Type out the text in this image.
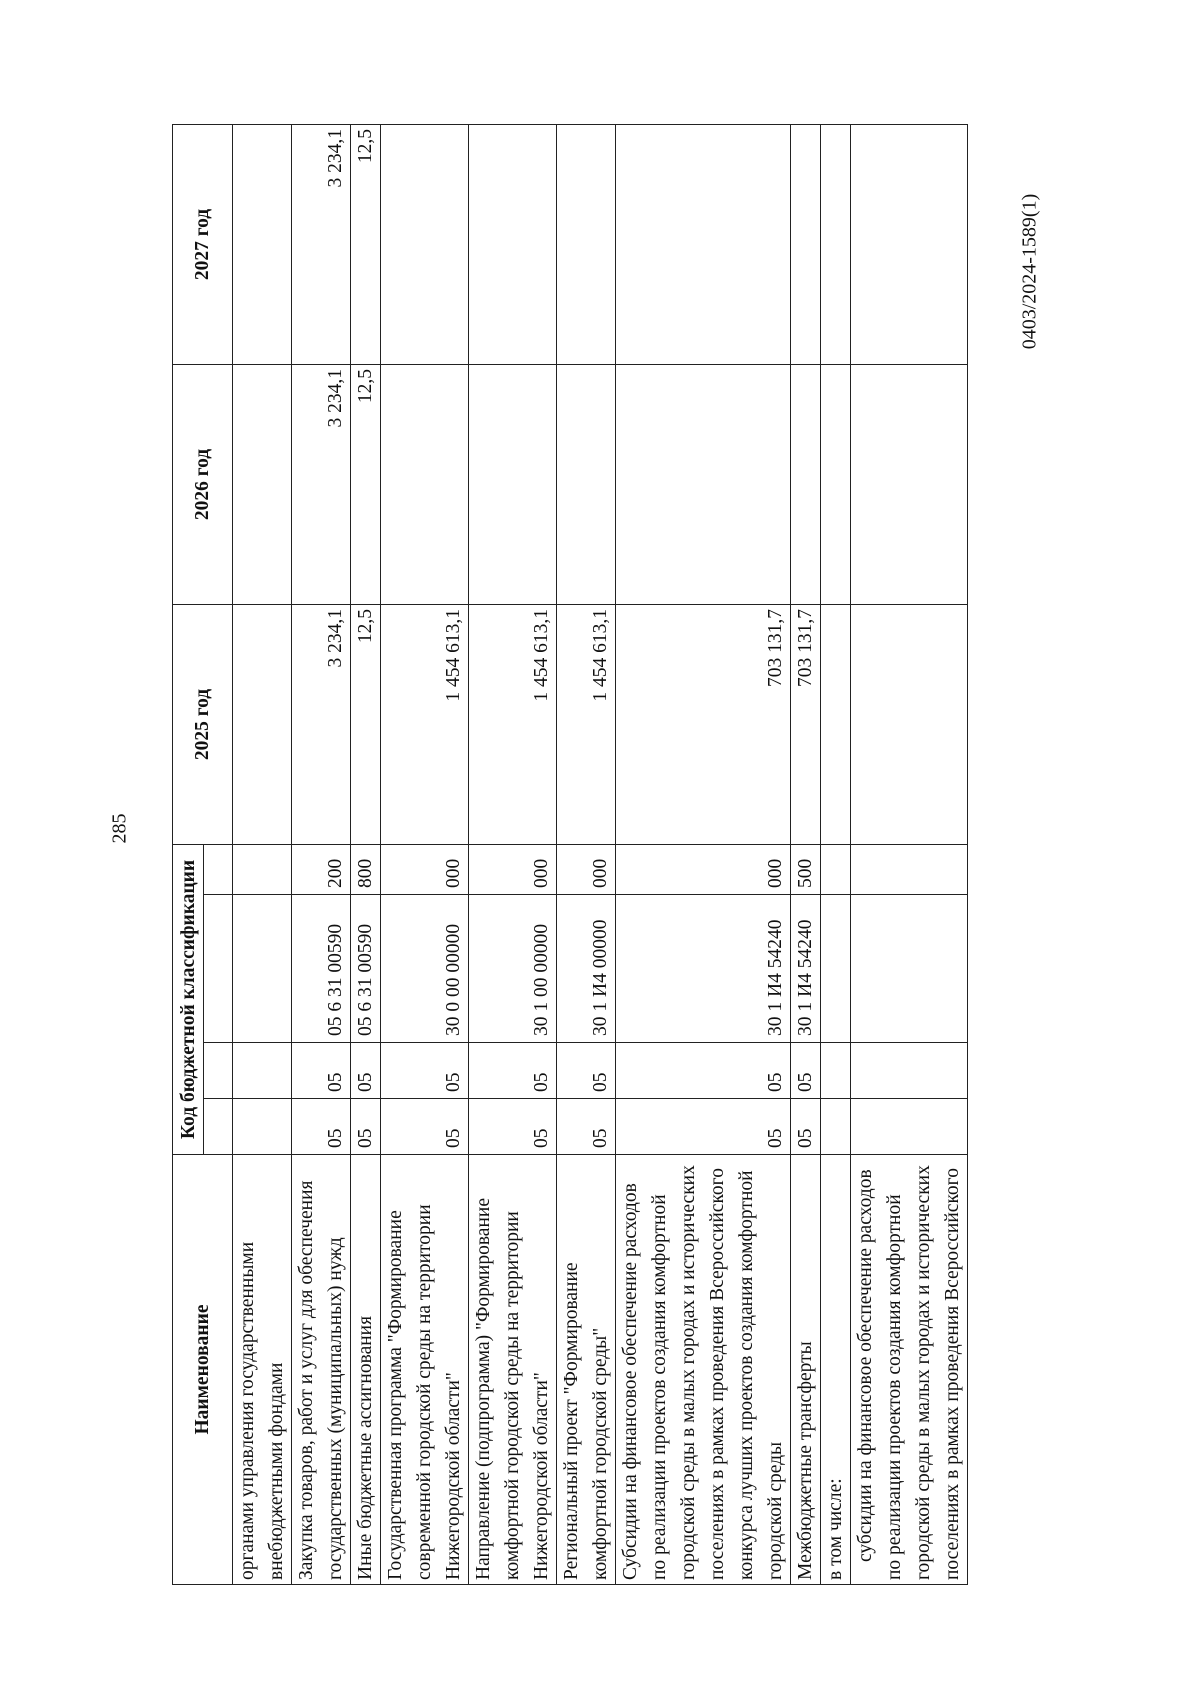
285
0403/2024-1589(1)
Наименование	Код бюджетной классификации				2025 год	2026 год	2027 год

органами управления государственными внебюджетными фондами							
Закупка товаров, работ и услуг для обеспечения государственных (муниципальных) нужд	05	05	05 6 31 00590	200	3 234,1	3 234,1	3 234,1
Иные бюджетные ассигнования	05	05	05 6 31 00590	800	12,5	12,5	12,5
Государственная программа "Формирование современной городской среды на территории Нижегородской области"	05	05	30 0 00 00000	000	1 454 613,1		
Направление (подпрограмма) "Формирование комфортной городской среды на территории Нижегородской области"	05	05	30 1 00 00000	000	1 454 613,1		
Региональный проект "Формирование комфортной городской среды"	05	05	30 1 И4 00000	000	1 454 613,1		
Субсидии на финансовое обеспечение расходов по реализации проектов создания комфортной городской среды в малых городах и исторических поселениях в рамках проведения Всероссийского конкурса лучших проектов создания комфортной городской среды	05	05	30 1 И4 54240	000	703 131,7		
Межбюджетные трансферты	05	05	30 1 И4 54240	500	703 131,7		
в том числе:							
субсидии на финансовое обеспечение расходов по реализации проектов создания комфортной городской среды в малых городах и исторических поселениях в рамках проведения Всероссийского							
